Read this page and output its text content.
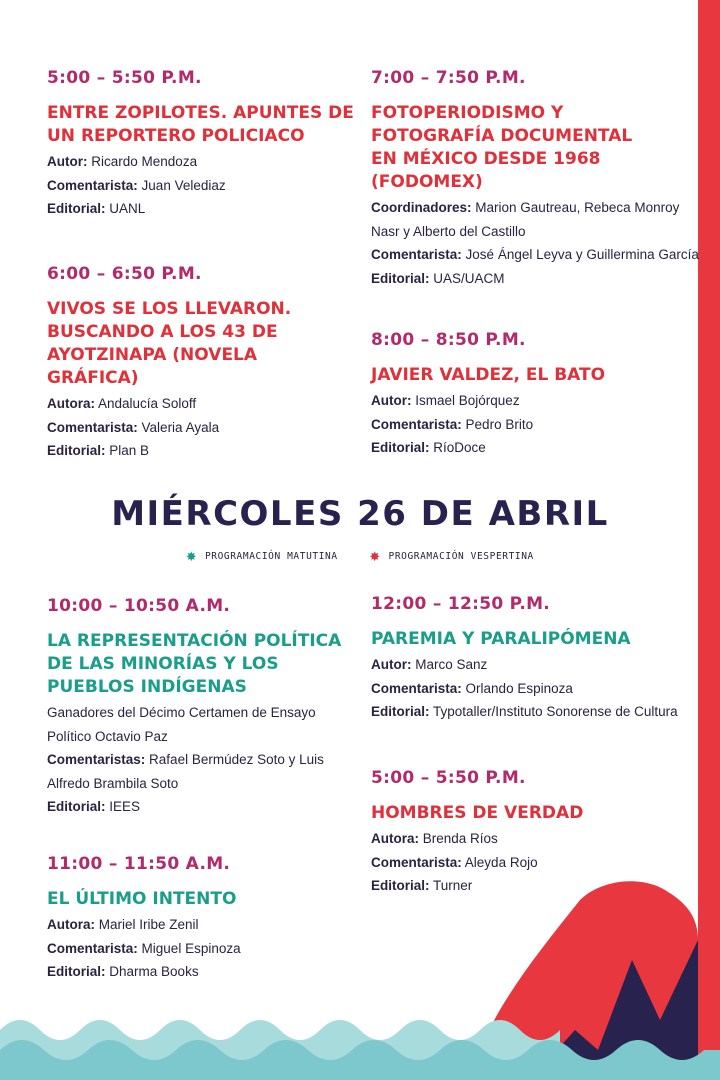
5:00 – 5:50 P.M.
ENTRE ZOPILOTES. APUNTES DE UN REPORTERO POLICIACO
Autor: Ricardo Mendoza
Comentarista: Juan Velediaz
Editorial: UANL
6:00 – 6:50 P.M.
VIVOS SE LOS LLEVARON. BUSCANDO A LOS 43 DE AYOTZINAPA (NOVELA GRÁFICA)
Autora: Andalucía Soloff
Comentarista: Valeria Ayala
Editorial: Plan B
7:00 – 7:50 P.M.
FOTOPERIODISMO Y FOTOGRAFÍA DOCUMENTAL EN MÉXICO DESDE 1968 (FODOMEX)
Coordinadores: Marion Gautreau, Rebeca Monroy
Nasr y Alberto del Castillo
Comentarista: José Ángel Leyva y Guillermina García
Editorial: UAS/UACM
8:00 – 8:50 P.M.
JAVIER VALDEZ, EL BATO
Autor: Ismael Bojórquez
Comentarista: Pedro Brito
Editorial: RíoDoce
MIÉRCOLES 26 DE ABRIL
✸ PROGRAMACIÓN MATUTINA ✸ PROGRAMACIÓN VESPERTINA
10:00 – 10:50 A.M.
LA REPRESENTACIÓN POLÍTICA DE LAS MINORÍAS Y LOS PUEBLOS INDÍGENAS
Ganadores del Décimo Certamen de Ensayo
Político Octavio Paz
Comentaristas: Rafael Bermúdez Soto y Luis
Alfredo Brambila Soto
Editorial: IEES
11:00 – 11:50 A.M.
EL ÚLTIMO INTENTO
Autora: Mariel Iribe Zenil
Comentarista: Miguel Espinoza
Editorial: Dharma Books
12:00 – 12:50 P.M.
PAREMIA Y PARALIPÓMENA
Autor: Marco Sanz
Comentarista: Orlando Espinoza
Editorial: Typotaller/Instituto Sonorense de Cultura
5:00 – 5:50 P.M.
HOMBRES DE VERDAD
Autora: Brenda Ríos
Comentarista: Aleyda Rojo
Editorial: Turner
